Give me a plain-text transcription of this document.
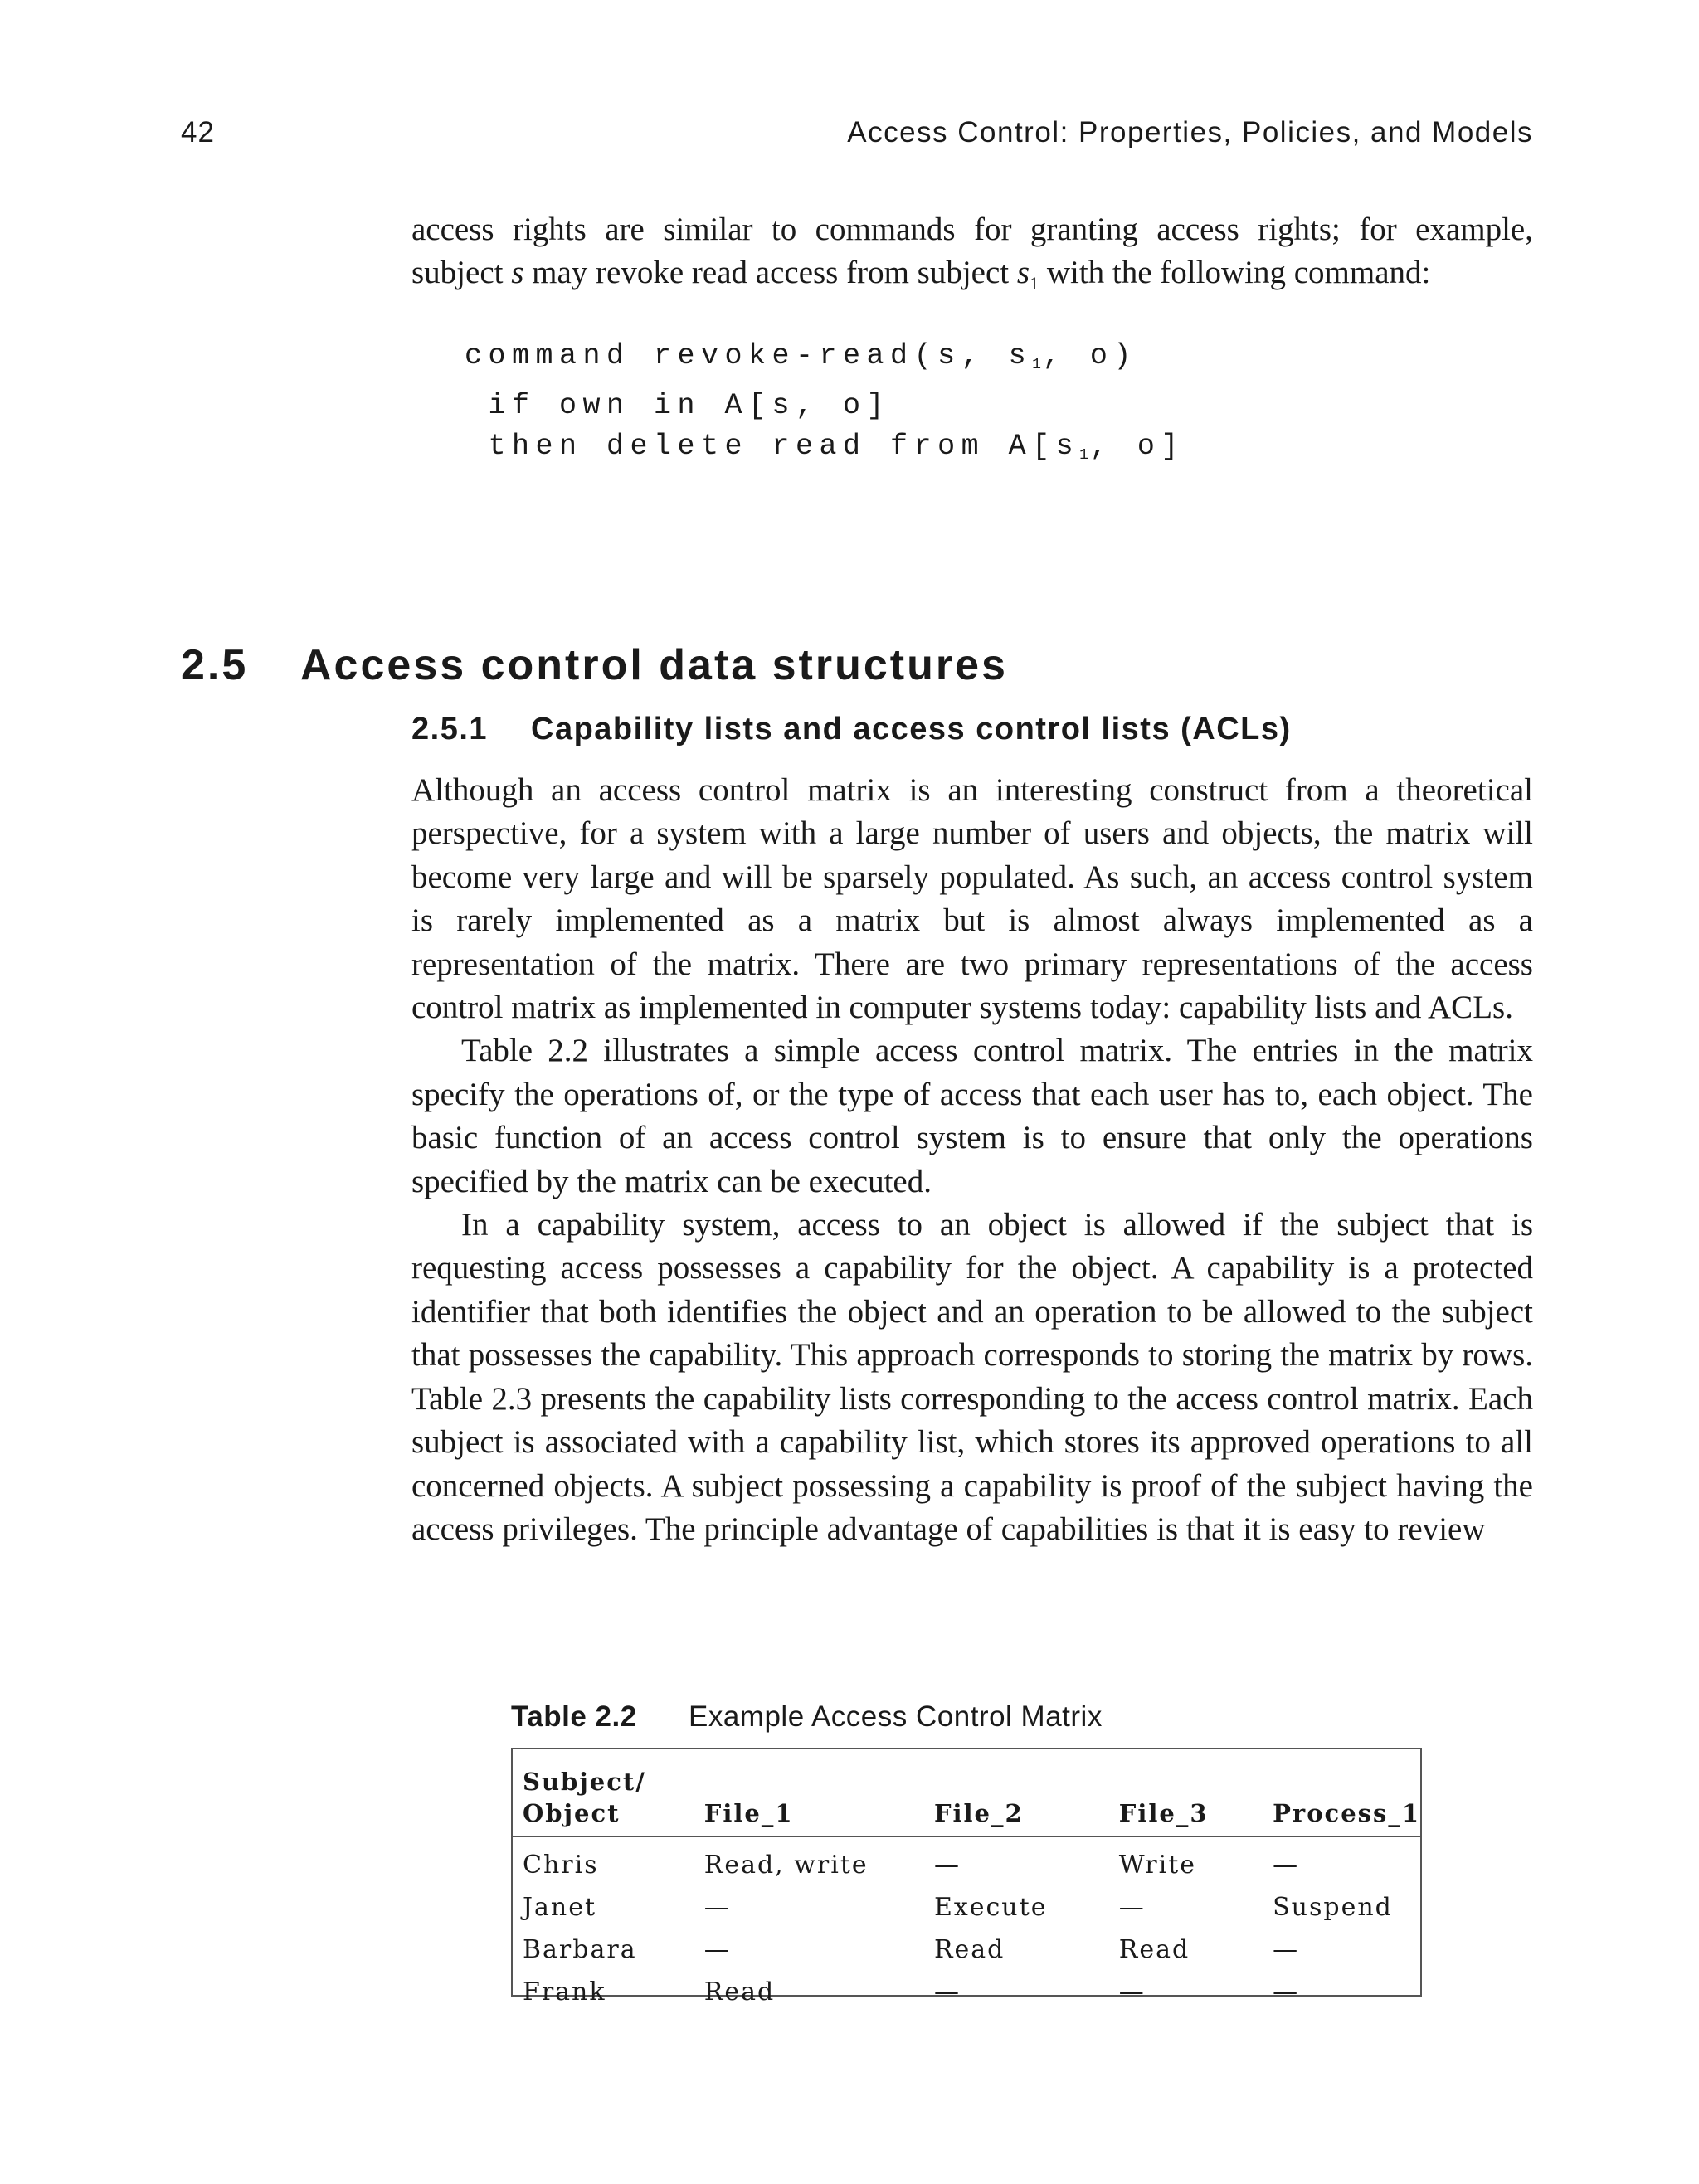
42	Access Control: Properties, Policies, and Models

access rights are similar to commands for granting access rights; for example,

subject s may revoke read access from subject $s_1$ with the following command:

command revoke-read(s, s1, o)
if own in A[s, o]
then delete read from A[s1, o]
2.5 Access control data structures
2.5.1 Capability lists and access control lists (ACLs)

Although an access control matrix is an interesting construct from a theoretical perspective, for a system with a large number of users and objects, the matrix will become very large and will be sparsely populated. As such, an access control system is rarely implemented as a matrix but is almost always implemented as a representation of the matrix. There are two primary representations of the access control matrix as implemented in computer systems today: capability lists and ACLs.

Table 2.2 illustrates a simple access control matrix. The entries in the matrix specify the operations of, or the type of access that each user has to, each object. The basic function of an access control system is to ensure that only the operations specified by the matrix can be executed.

In a capability system, access to an object is allowed if the subject that is requesting access possesses a capability for the object. A capability is a protected identifier that both identifies the object and an operation to be allowed to the subject that possesses the capability. This approach corresponds to storing the matrix by rows. Table 2.3 presents the capability lists corresponding to the access control matrix. Each subject is associated with a capability list, which stores its approved operations to all concerned objects. A subject possessing a capability is proof of the subject having the access privileges. The principle advantage of capabilities is that it is easy to review

Table 2.2 Example Access Control Matrix
Subject/
Object	File_1	File_2	File_3	Process_1
Chris	Read, write	—	Write	—
Janet	—	Execute	—	Suspend
Barbara	—	Read	Read	—
Frank	Read	—	—	—
